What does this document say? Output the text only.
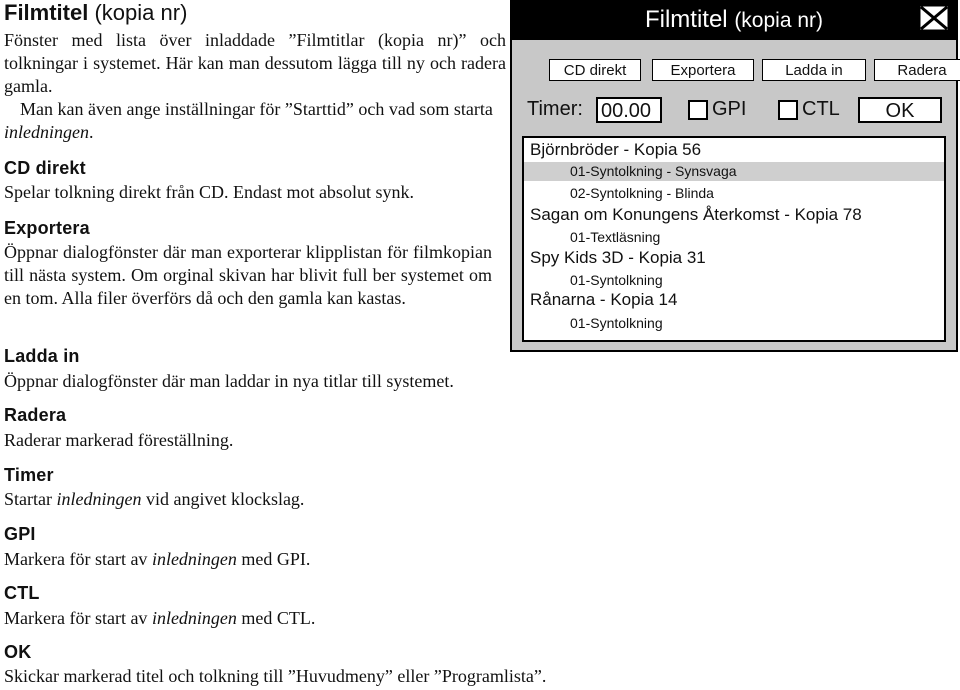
Filmtitel (kopia nr)
Fönster med lista över inladdade ”Filmtitlar (kopia nr)” och tolkningar i systemet. Här kan man dessutom lägga till ny och radera gamla.
Man kan även ange inställningar för ”Starttid” och vad som starta inledningen.
CD direkt
Spelar tolkning direkt från CD. Endast mot absolut synk.
Exportera
Öppnar dialogfönster där man exporterar klipplistan för filmkopian till nästa system. Om orginal skivan har blivit full ber systemet om en tom. Alla filer överförs då och den gamla kan kastas.
Ladda in
Öppnar dialogfönster där man laddar in nya titlar till systemet.
Radera
Raderar markerad föreställning.
Timer
Startar inledningen vid angivet klockslag.
GPI
Markera för start av inledningen med GPI.
CTL
Markera för start av inledningen med CTL.
OK
Skickar markerad titel och tolkning till ”Huvudmeny” eller ”Programlista”.
Filmtitel (kopia nr)
CD direkt	Exportera	Ladda in	Radera
Timer: 00.00	GPI	CTL	OK
Björnbröder - Kopia 56
01-Syntolkning - Synsvaga
02-Syntolkning - Blinda
Sagan om Konungens Återkomst - Kopia 78
01-Textläsning
Spy Kids 3D - Kopia 31
01-Syntolkning
Rånarna - Kopia 14
01-Syntolkning
